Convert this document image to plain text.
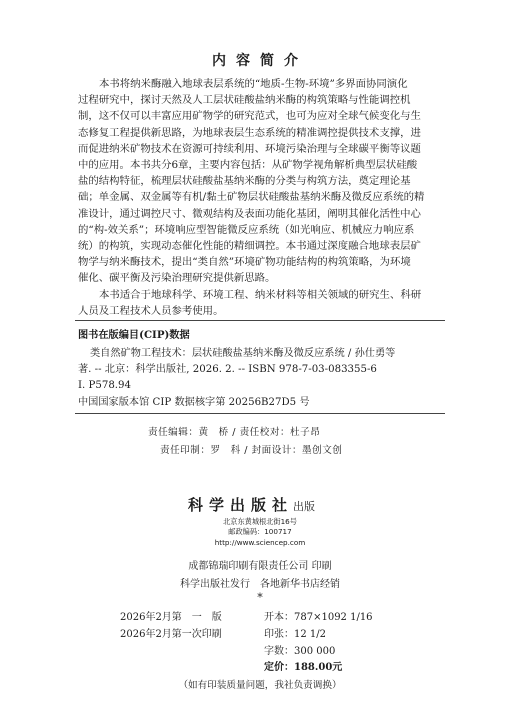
内容简介
本书将纳米酶融入地球表层系统的“地质-生物-环境”多界面协同演化
过程研究中，探讨天然及人工层状硅酸盐纳米酶的构筑策略与性能调控机
制，这不仅可以丰富应用矿物学的研究范式，也可为应对全球气候变化与生
态修复工程提供新思路，为地球表层生态系统的精准调控提供技术支撑，进
而促进纳米矿物技术在资源可持续利用、环境污染治理与全球碳平衡等议题
中的应用。本书共分6章，主要内容包括：从矿物学视角解析典型层状硅酸
盐的结构特征，梳理层状硅酸盐基纳米酶的分类与构筑方法，奠定理论基
础；单金属、双金属等有机/黏土矿物层状硅酸盐基纳米酶及微反应系统的精
准设计，通过调控尺寸、微观结构及表面功能化基团，阐明其催化活性中心
的“构-效关系”；环境响应型智能微反应系统（如光响应、机械应力响应系
统）的构筑，实现动态催化性能的精细调控。本书通过深度融合地球表层矿
物学与纳米酶技术，提出“类自然”环境矿物功能结构的构筑策略，为环境
催化、碳平衡及污染治理研究提供新思路。
本书适合于地球科学、环境工程、纳米材料等相关领域的研究生、科研
人员及工程技术人员参考使用。
图书在版编目(CIP)数据
类自然矿物工程技术：层状硅酸盐基纳米酶及微反应系统 / 孙仕勇等
著. -- 北京：科学出版社, 2026. 2. -- ISBN 978-7-03-083355-6
Ⅰ. P578.94
中国国家版本馆 CIP 数据核字第 20256B27D5 号
责任编辑：黄　桥 / 责任校对：杜子昂
责任印制：罗　科 / 封面设计：墨创文创
科学出版社出版
北京东黄城根北街16号
邮政编码：100717
http://www.sciencep.com
成都锦瑞印刷有限责任公司 印刷
科学出版社发行　各地新华书店经销
*
2026年2月第　一　版	开本：787×1092 1/16
2026年2月第一次印刷	印张：12 1/2
字数：300 000
定价：188.00元
（如有印装质量问题，我社负责调换）
